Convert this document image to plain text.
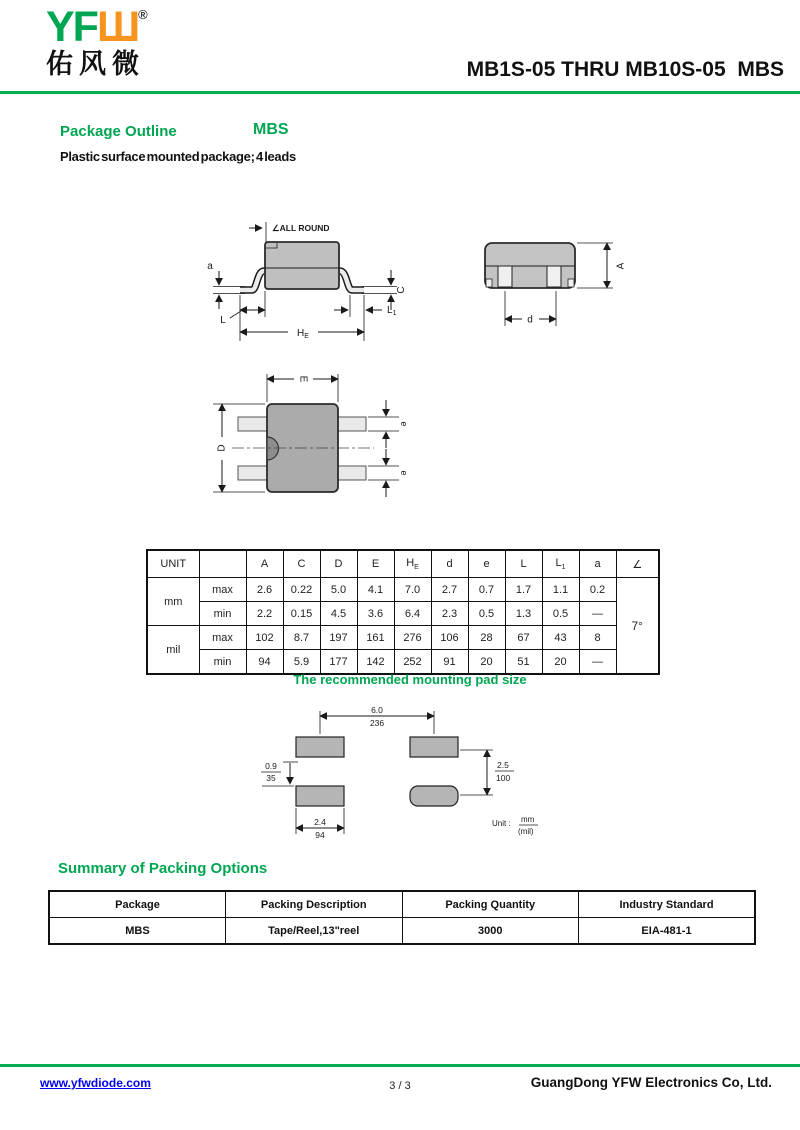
YFШ®
佑风微	MB1S-05 THRU MB10S-05  MBS
Package Outline	MBS
Plastic surface mounted package; 4 leads
∠ALL ROUND
a
C
L
$L_1$
$H_E$
A
d
E
D
e
e
UNIT		A	C	D	E	$H_E$	d	e	L	$L_1$	a	∠
mm	max	2.6	0.22	5.0	4.1	7.0	2.7	0.7	1.7	1.1	0.2	7°
	min	2.2	0.15	4.5	3.6	6.4	2.3	0.5	1.3	0.5	—	
mil	max	102	8.7	197	161	276	106	28	67	43	8	
	min	94	5.9	177	142	252	91	20	51	20	—	
The recommended mounting pad size
6.0
236
0.9
35
2.4
94
2.5
100
Unit : mm
(mil)
Summary of Packing Options
Package	Packing Description	Packing Quantity	Industry Standard
MBS	Tape/Reel,13"reel	3000	EIA-481-1
www.yfwdiode.com	3 / 3	GuangDong YFW Electronics Co, Ltd.
